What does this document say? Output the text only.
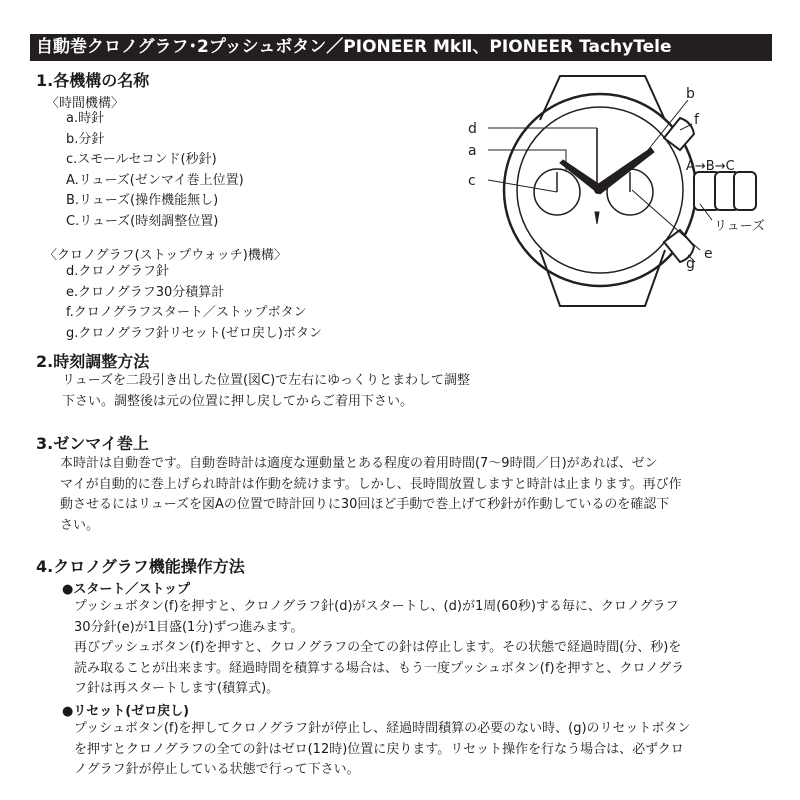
自動巻クロノグラフ･2プッシュボタン／PIONEER MkⅡ、PIONEER TachyTele
1.各機構の名称
〈時間機構〉
a.時針
b.分針
c.スモールセコンド(秒針)
A.リューズ(ゼンマイ巻上位置)
B.リューズ(操作機能無し)
C.リューズ(時刻調整位置)
〈クロノグラフ(ストップウォッチ)機構〉
d.クロノグラフ針
e.クロノグラフ30分積算計
f.クロノグラフスタート／ストップボタン
g.クロノグラフ針リセット(ゼロ戻し)ボタン
d
a
c
b
f
e
g
A→B→C
リューズ
2.時刻調整方法
リューズを二段引き出した位置(図C)で左右にゆっくりとまわして調整
下さい。調整後は元の位置に押し戻してからご着用下さい。
3.ゼンマイ巻上
本時計は自動巻です。自動巻時計は適度な運動量とある程度の着用時間(7〜9時間／日)があれば、ゼン
マイが自動的に巻上げられ時計は作動を続けます。しかし、長時間放置しますと時計は止まります。再び作
動させるにはリューズを図Aの位置で時計回りに30回ほど手動で巻上げて秒針が作動しているのを確認下
さい。
4.クロノグラフ機能操作方法
●スタート／ストップ
プッシュボタン(f)を押すと、クロノグラフ針(d)がスタートし、(d)が1周(60秒)する毎に、クロノグラフ
30分針(e)が1目盛(1分)ずつ進みます。
再びプッシュボタン(f)を押すと、クロノグラフの全ての針は停止します。その状態で経過時間(分、秒)を
読み取ることが出来ます。経過時間を積算する場合は、もう一度プッシュボタン(f)を押すと、クロノグラ
フ針は再スタートします(積算式)。
●リセット(ゼロ戻し)
プッシュボタン(f)を押してクロノグラフ針が停止し、経過時間積算の必要のない時、(g)のリセットボタン
を押すとクロノグラフの全ての針はゼロ(12時)位置に戻ります。リセット操作を行なう場合は、必ずクロ
ノグラフ針が停止している状態で行って下さい。
